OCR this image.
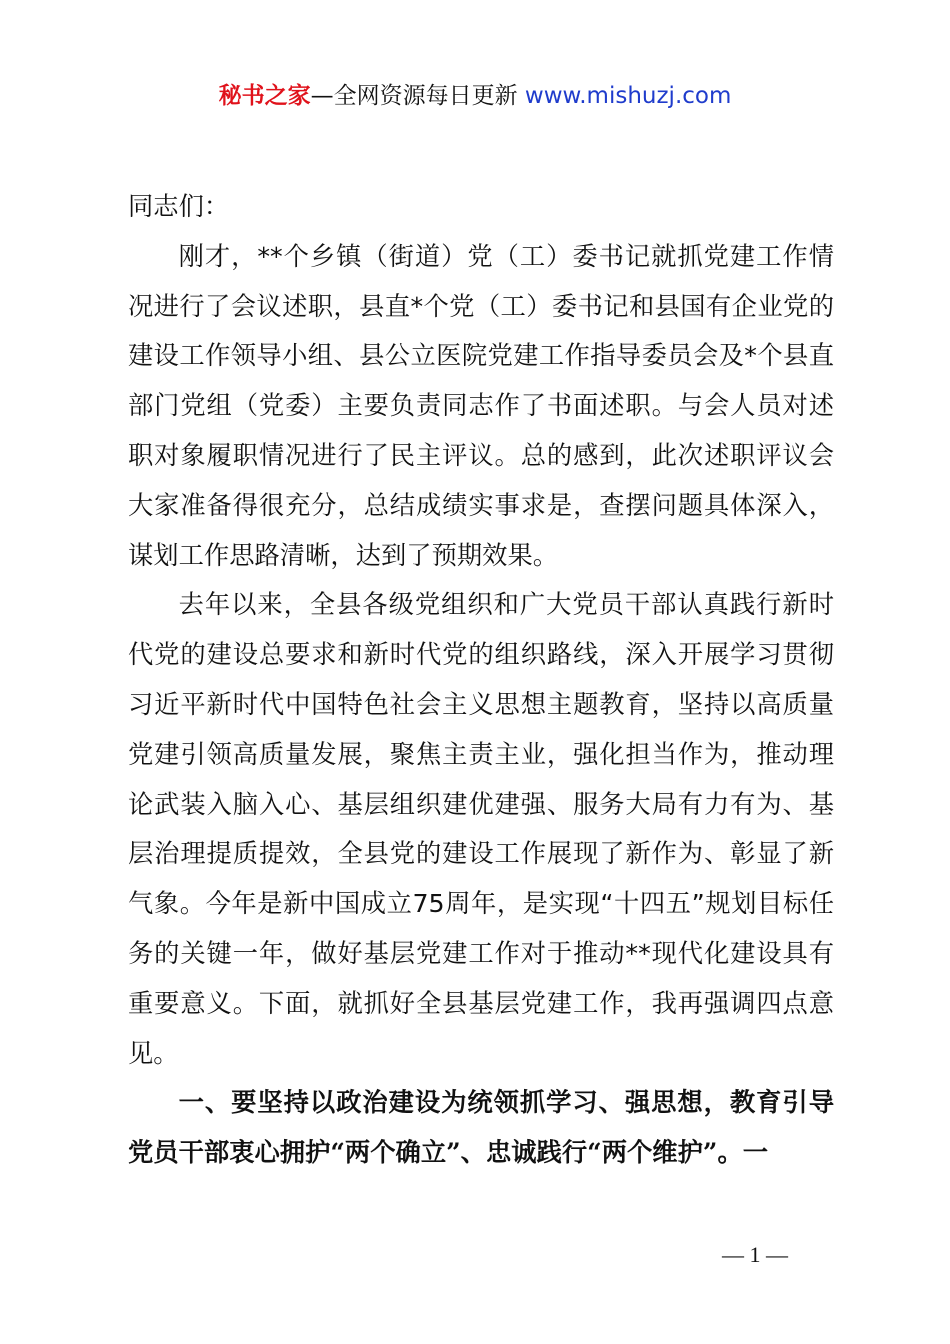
秘书之家—全网资源每日更新 www.mishuzj.com

同志们：

刚才，**个乡镇（街道）党（工）委书记就抓党建工作情况进行了会议述职，县直*个党（工）委书记和县国有企业党的建设工作领导小组、县公立医院党建工作指导委员会及*个县直部门党组（党委）主要负责同志作了书面述职。与会人员对述职对象履职情况进行了民主评议。总的感到，此次述职评议会大家准备得很充分，总结成绩实事求是，查摆问题具体深入，谋划工作思路清晰，达到了预期效果。

去年以来，全县各级党组织和广大党员干部认真践行新时代党的建设总要求和新时代党的组织路线，深入开展学习贯彻习近平新时代中国特色社会主义思想主题教育，坚持以高质量党建引领高质量发展，聚焦主责主业，强化担当作为，推动理论武装入脑入心、基层组织建优建强、服务大局有力有为、基层治理提质提效，全县党的建设工作展现了新作为、彰显了新气象。今年是新中国成立75周年，是实现“十四五”规划目标任务的关键一年，做好基层党建工作对于推动**现代化建设具有重要意义。下面，就抓好全县基层党建工作，我再强调四点意见。

一、要坚持以政治建设为统领抓学习、强思想，教育引导党员干部衷心拥护“两个确立”、忠诚践行“两个维护”。一

— 1 —
